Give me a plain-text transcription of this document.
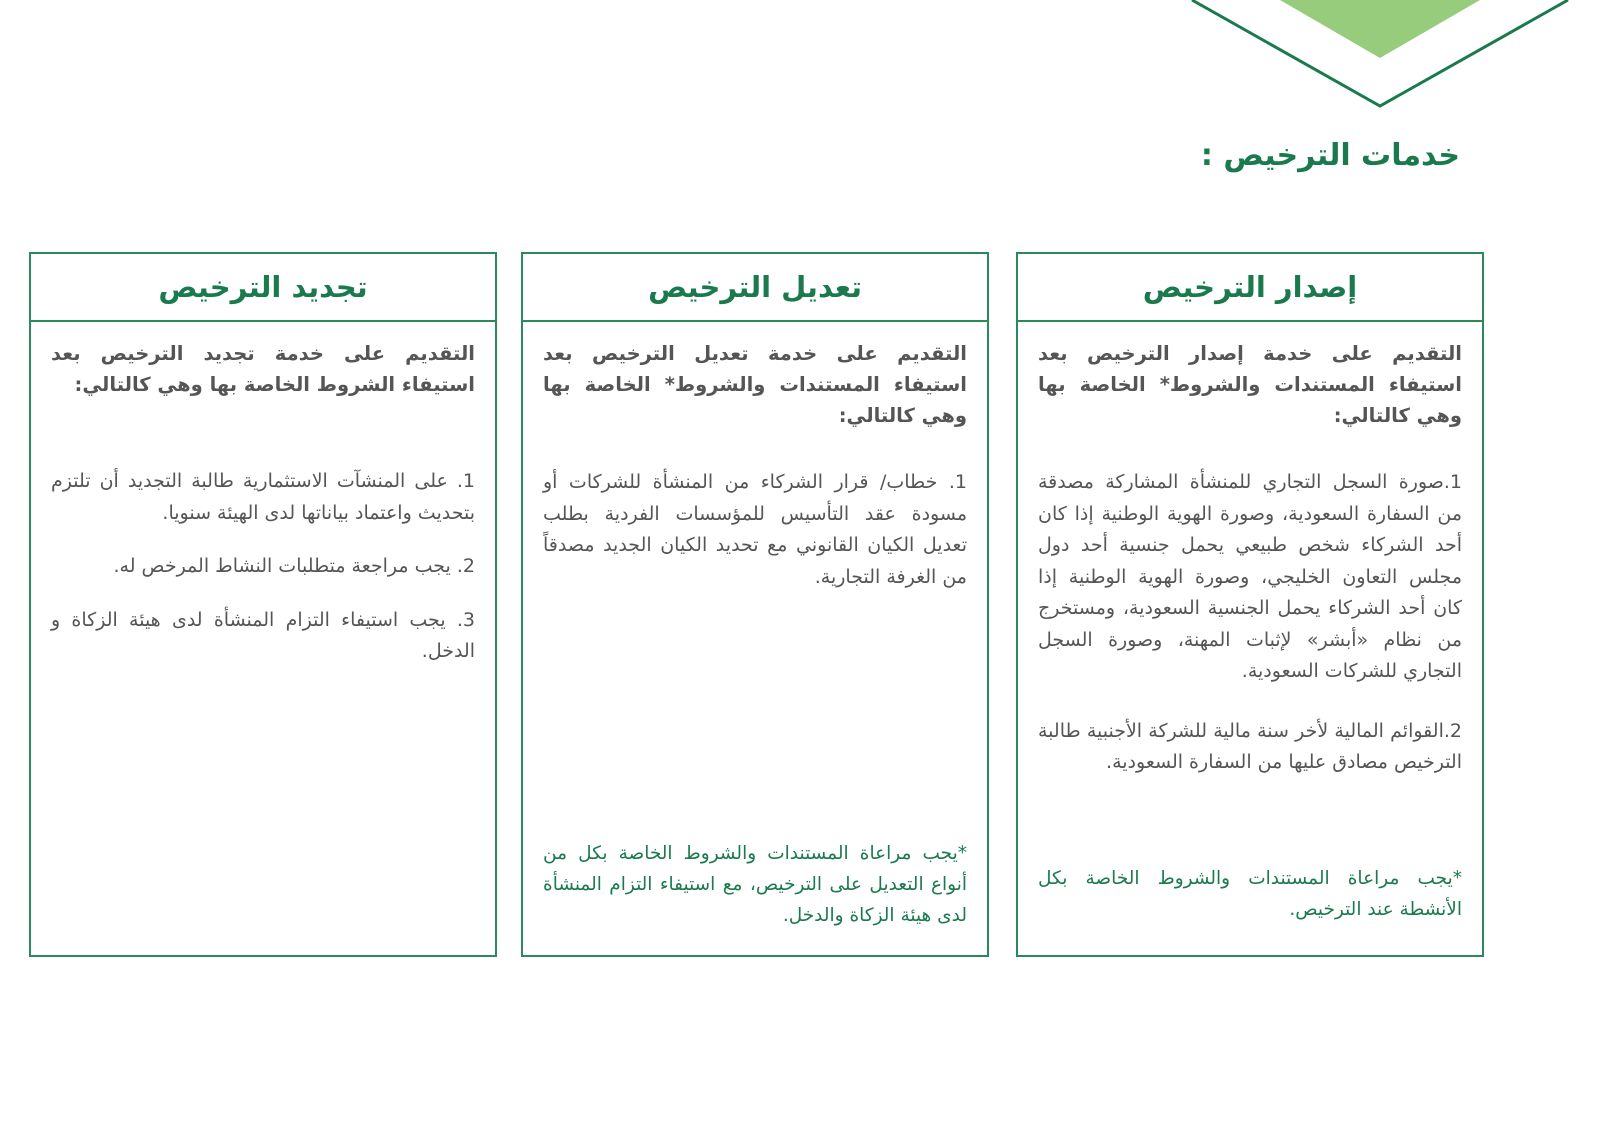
خدمات الترخيص :
إصدار الترخيص

التقديم على خدمة إصدار الترخيص بعد استيفاء المستندات والشروط* الخاصة بها وهي كالتالي:

1.صورة السجل التجاري للمنشأة المشاركة مصدقة من السفارة السعودية، وصورة الهوية الوطنية إذا كان أحد الشركاء شخص طبيعي يحمل جنسية أحد دول مجلس التعاون الخليجي، وصورة الهوية الوطنية إذا كان أحد الشركاء يحمل الجنسية السعودية، ومستخرج من نظام «أبشر» لإثبات المهنة، وصورة السجل التجاري للشركات السعودية.

2.القوائم المالية لأخر سنة مالية للشركة الأجنبية طالبة الترخيص مصادق عليها من السفارة السعودية.

*يجب مراعاة المستندات والشروط الخاصة بكل الأنشطة عند الترخيص.

تعديل الترخيص

التقديم على خدمة تعديل الترخيص بعد استيفاء المستندات والشروط* الخاصة بها وهي كالتالي:

1. خطاب/ قرار الشركاء من المنشأة للشركات أو مسودة عقد التأسيس للمؤسسات الفردية بطلب تعديل الكيان القانوني مع تحديد الكيان الجديد مصدقاً من الغرفة التجارية.

*يجب مراعاة المستندات والشروط الخاصة بكل من أنواع التعديل على الترخيص، مع استيفاء التزام المنشأة لدى هيئة الزكاة والدخل.

تجديد الترخيص

التقديم على خدمة تجديد الترخيص بعد استيفاء الشروط الخاصة بها وهي كالتالي:

1. على المنشآت الاستثمارية طالبة التجديد أن تلتزم بتحديث واعتماد بياناتها لدى الهيئة سنويا.

2. يجب مراجعة متطلبات النشاط المرخص له.

3. يجب استيفاء التزام المنشأة لدى هيئة الزكاة و الدخل.
